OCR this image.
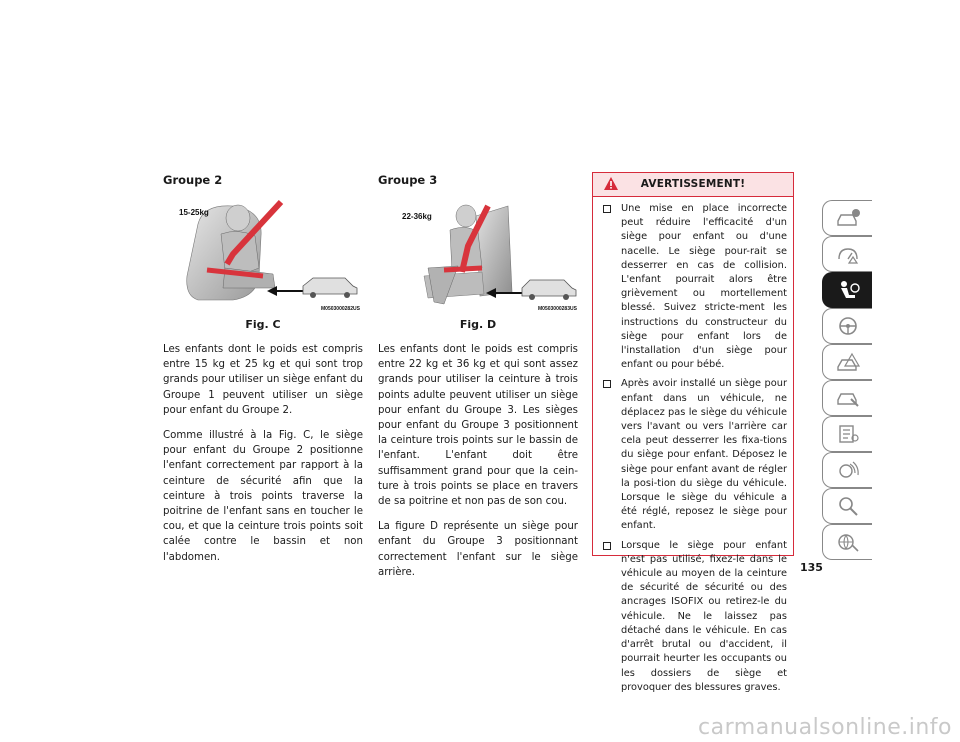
Groupe 2
15-25kg
M0503000282US
Fig. C

Les enfants dont le poids est compris entre 15 kg et 25 kg et qui sont trop grands pour utiliser un siège enfant du Groupe 1 peuvent utiliser un siège pour enfant du Groupe 2.

Comme illustré à la Fig. C, le siège pour enfant du Groupe 2 positionne l'enfant correctement par rapport à la ceinture de sécurité afin que la ceinture à trois points traverse la poitrine de l'enfant sans en toucher le cou, et que la ceinture trois points soit calée contre le bassin et non l'abdomen.

Groupe 3
22-36kg
M0503000283US
Fig. D

Les enfants dont le poids est compris entre 22 kg et 36 kg et qui sont assez grands pour utiliser la ceinture à trois points adulte peuvent utiliser un siège pour enfant du Groupe 3. Les sièges pour enfant du Groupe 3 positionnent la ceinture trois points sur le bassin de l'enfant. L'enfant doit être suffisamment grand pour que la cein-ture à trois points se place en travers de sa poitrine et non pas de son cou.

La figure D représente un siège pour enfant du Groupe 3 positionnant correctement l'enfant sur le siège arrière.

AVERTISSEMENT!
Une mise en place incorrecte peut réduire l'efficacité d'un siège pour enfant ou d'une nacelle. Le siège pour-rait se desserrer en cas de collision. L'enfant pourrait alors être grièvement ou mortellement blessé. Suivez stricte-ment les instructions du constructeur du siège pour enfant lors de l'installation d'un siège pour enfant ou pour bébé.
Après avoir installé un siège pour enfant dans un véhicule, ne déplacez pas le siège du véhicule vers l'avant ou vers l'arrière car cela peut desserrer les fixa-tions du siège pour enfant. Déposez le siège pour enfant avant de régler la posi-tion du siège du véhicule. Lorsque le siège du véhicule a été réglé, reposez le siège pour enfant.
Lorsque le siège pour enfant n'est pas utilisé, fixez-le dans le véhicule au moyen de la ceinture de sécurité de sécurité ou des ancrages ISOFIX ou retirez-le du véhicule. Ne le laissez pas détaché dans le véhicule. En cas d'arrêt brutal ou d'accident, il pourrait heurter les occupants ou les dossiers de siège et provoquer des blessures graves.
135
carmanualsonline.info
